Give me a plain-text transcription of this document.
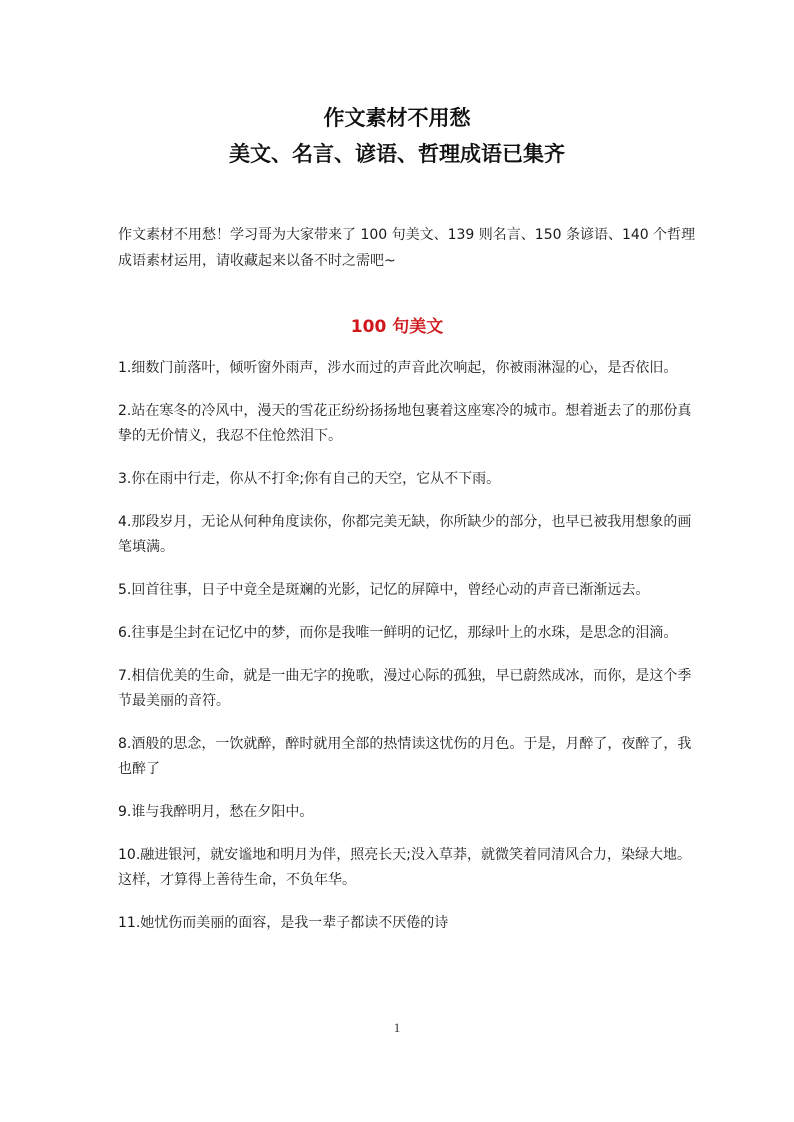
作文素材不用愁
美文、名言、谚语、哲理成语已集齐
作文素材不用愁！学习哥为大家带来了 100 句美文、139 则名言、150 条谚语、140 个哲理成语素材运用，请收藏起来以备不时之需吧~
100 句美文
1.细数门前落叶，倾听窗外雨声，涉水而过的声音此次响起，你被雨淋湿的心，是否依旧。
2.站在寒冬的冷风中，漫天的雪花正纷纷扬扬地包裹着这座寒冷的城市。想着逝去了的那份真挚的无价情义，我忍不住怆然泪下。
3.你在雨中行走，你从不打伞;你有自己的天空，它从不下雨。
4.那段岁月，无论从何种角度读你，你都完美无缺，你所缺少的部分，也早已被我用想象的画笔填满。
5.回首往事，日子中竟全是斑斓的光影，记忆的屏障中，曾经心动的声音已渐渐远去。
6.往事是尘封在记忆中的梦，而你是我唯一鲜明的记忆，那绿叶上的水珠，是思念的泪滴。
7.相信优美的生命，就是一曲无字的挽歌，漫过心际的孤独，早已蔚然成冰，而你，是这个季节最美丽的音符。
8.酒般的思念，一饮就醉，醉时就用全部的热情读这忧伤的月色。于是，月醉了，夜醉了，我也醉了
9.谁与我醉明月，愁在夕阳中。
10.融进银河，就安谧地和明月为伴，照亮长天;没入草莽，就微笑着同清风合力，染绿大地。这样，才算得上善待生命，不负年华。
11.她忧伤而美丽的面容，是我一辈子都读不厌倦的诗
1
